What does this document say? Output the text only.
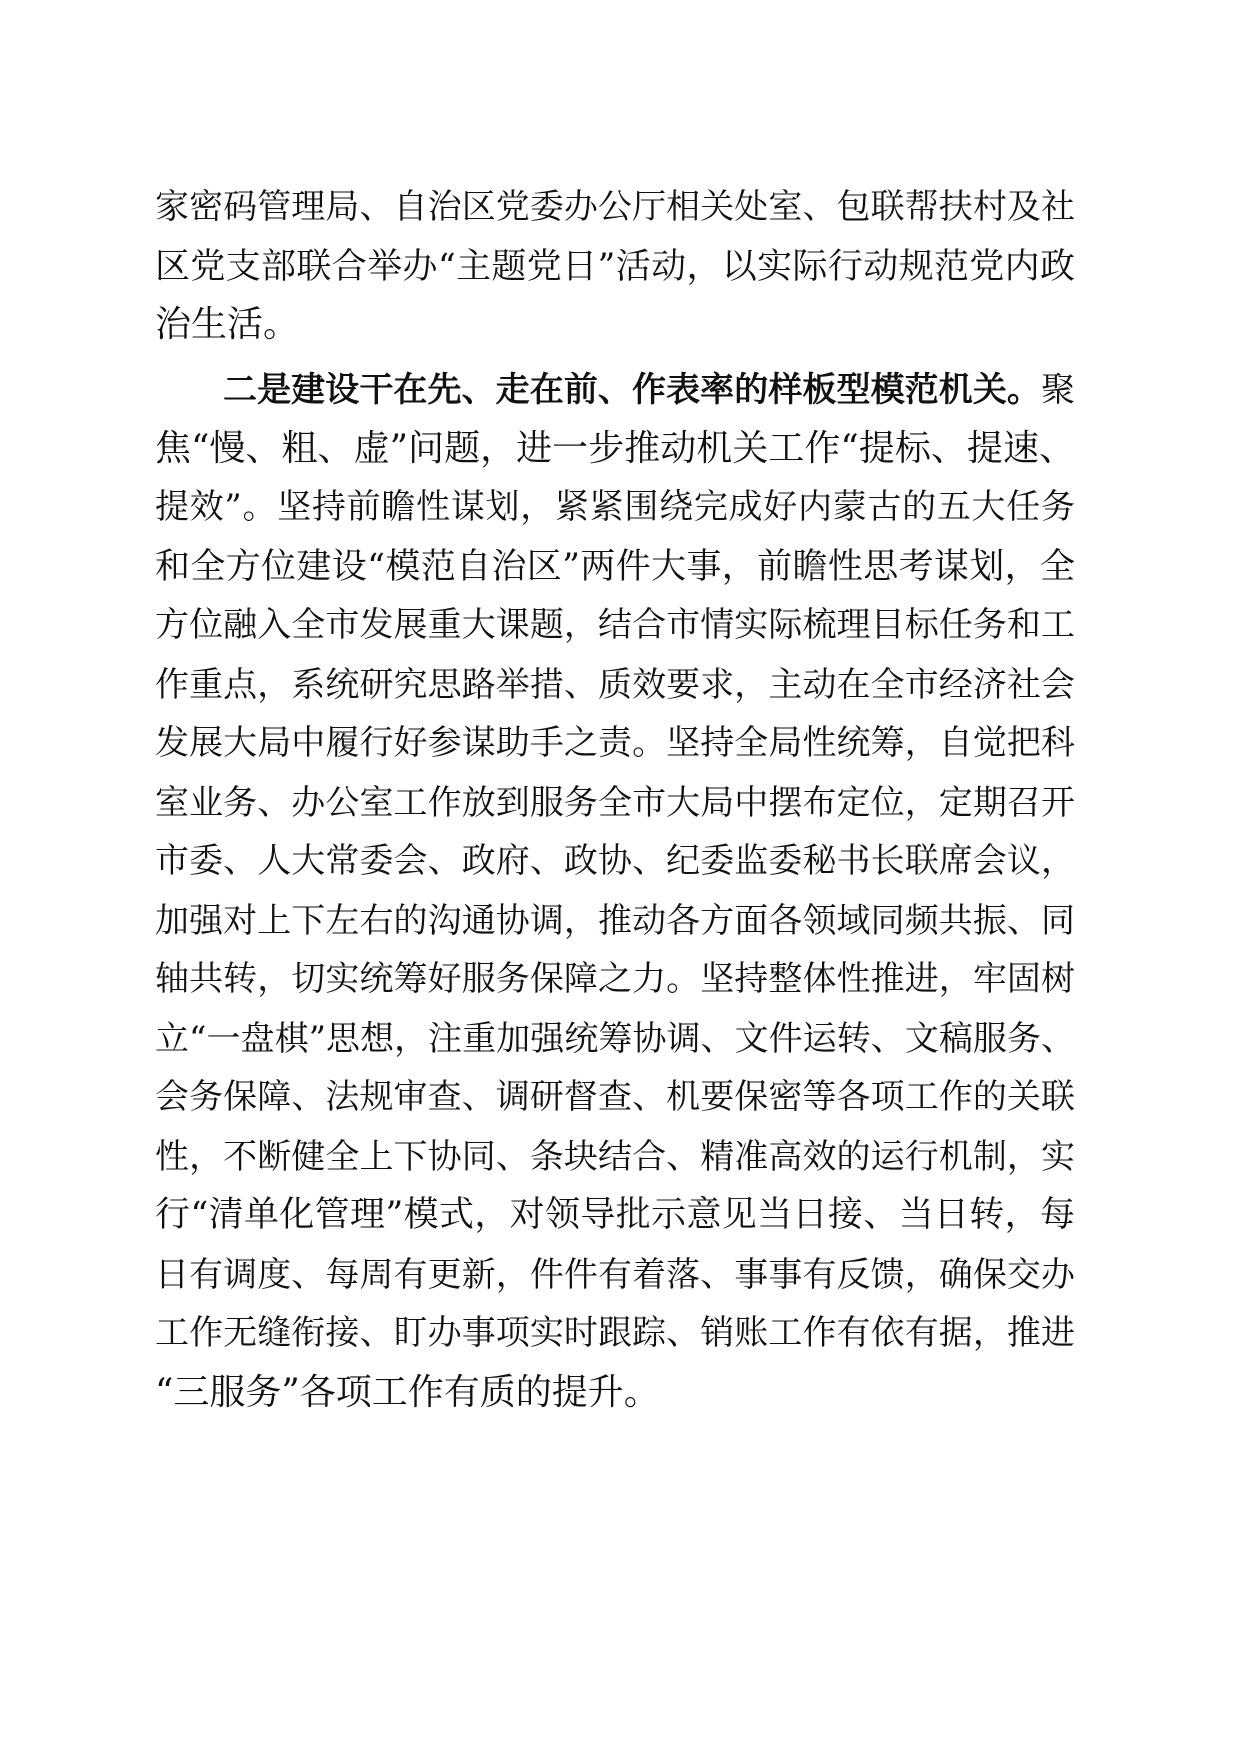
家密码管理局、自治区党委办公厅相关处室、包联帮扶村及社
区党支部联合举办“主题党日”活动，以实际行动规范党内政
治生活。
二是建设干在先、走在前、作表率的样板型模范机关。聚
焦“慢、粗、虚”问题，进一步推动机关工作“提标、提速、
提效”。坚持前瞻性谋划，紧紧围绕完成好内蒙古的五大任务
和全方位建设“模范自治区”两件大事，前瞻性思考谋划，全
方位融入全市发展重大课题，结合市情实际梳理目标任务和工
作重点，系统研究思路举措、质效要求，主动在全市经济社会
发展大局中履行好参谋助手之责。坚持全局性统筹，自觉把科
室业务、办公室工作放到服务全市大局中摆布定位，定期召开
市委、人大常委会、政府、政协、纪委监委秘书长联席会议，
加强对上下左右的沟通协调，推动各方面各领域同频共振、同
轴共转，切实统筹好服务保障之力。坚持整体性推进，牢固树
立“一盘棋”思想，注重加强统筹协调、文件运转、文稿服务、
会务保障、法规审查、调研督查、机要保密等各项工作的关联
性，不断健全上下协同、条块结合、精准高效的运行机制，实
行“清单化管理”模式，对领导批示意见当日接、当日转，每
日有调度、每周有更新，件件有着落、事事有反馈，确保交办
工作无缝衔接、盯办事项实时跟踪、销账工作有依有据，推进
“三服务”各项工作有质的提升。
